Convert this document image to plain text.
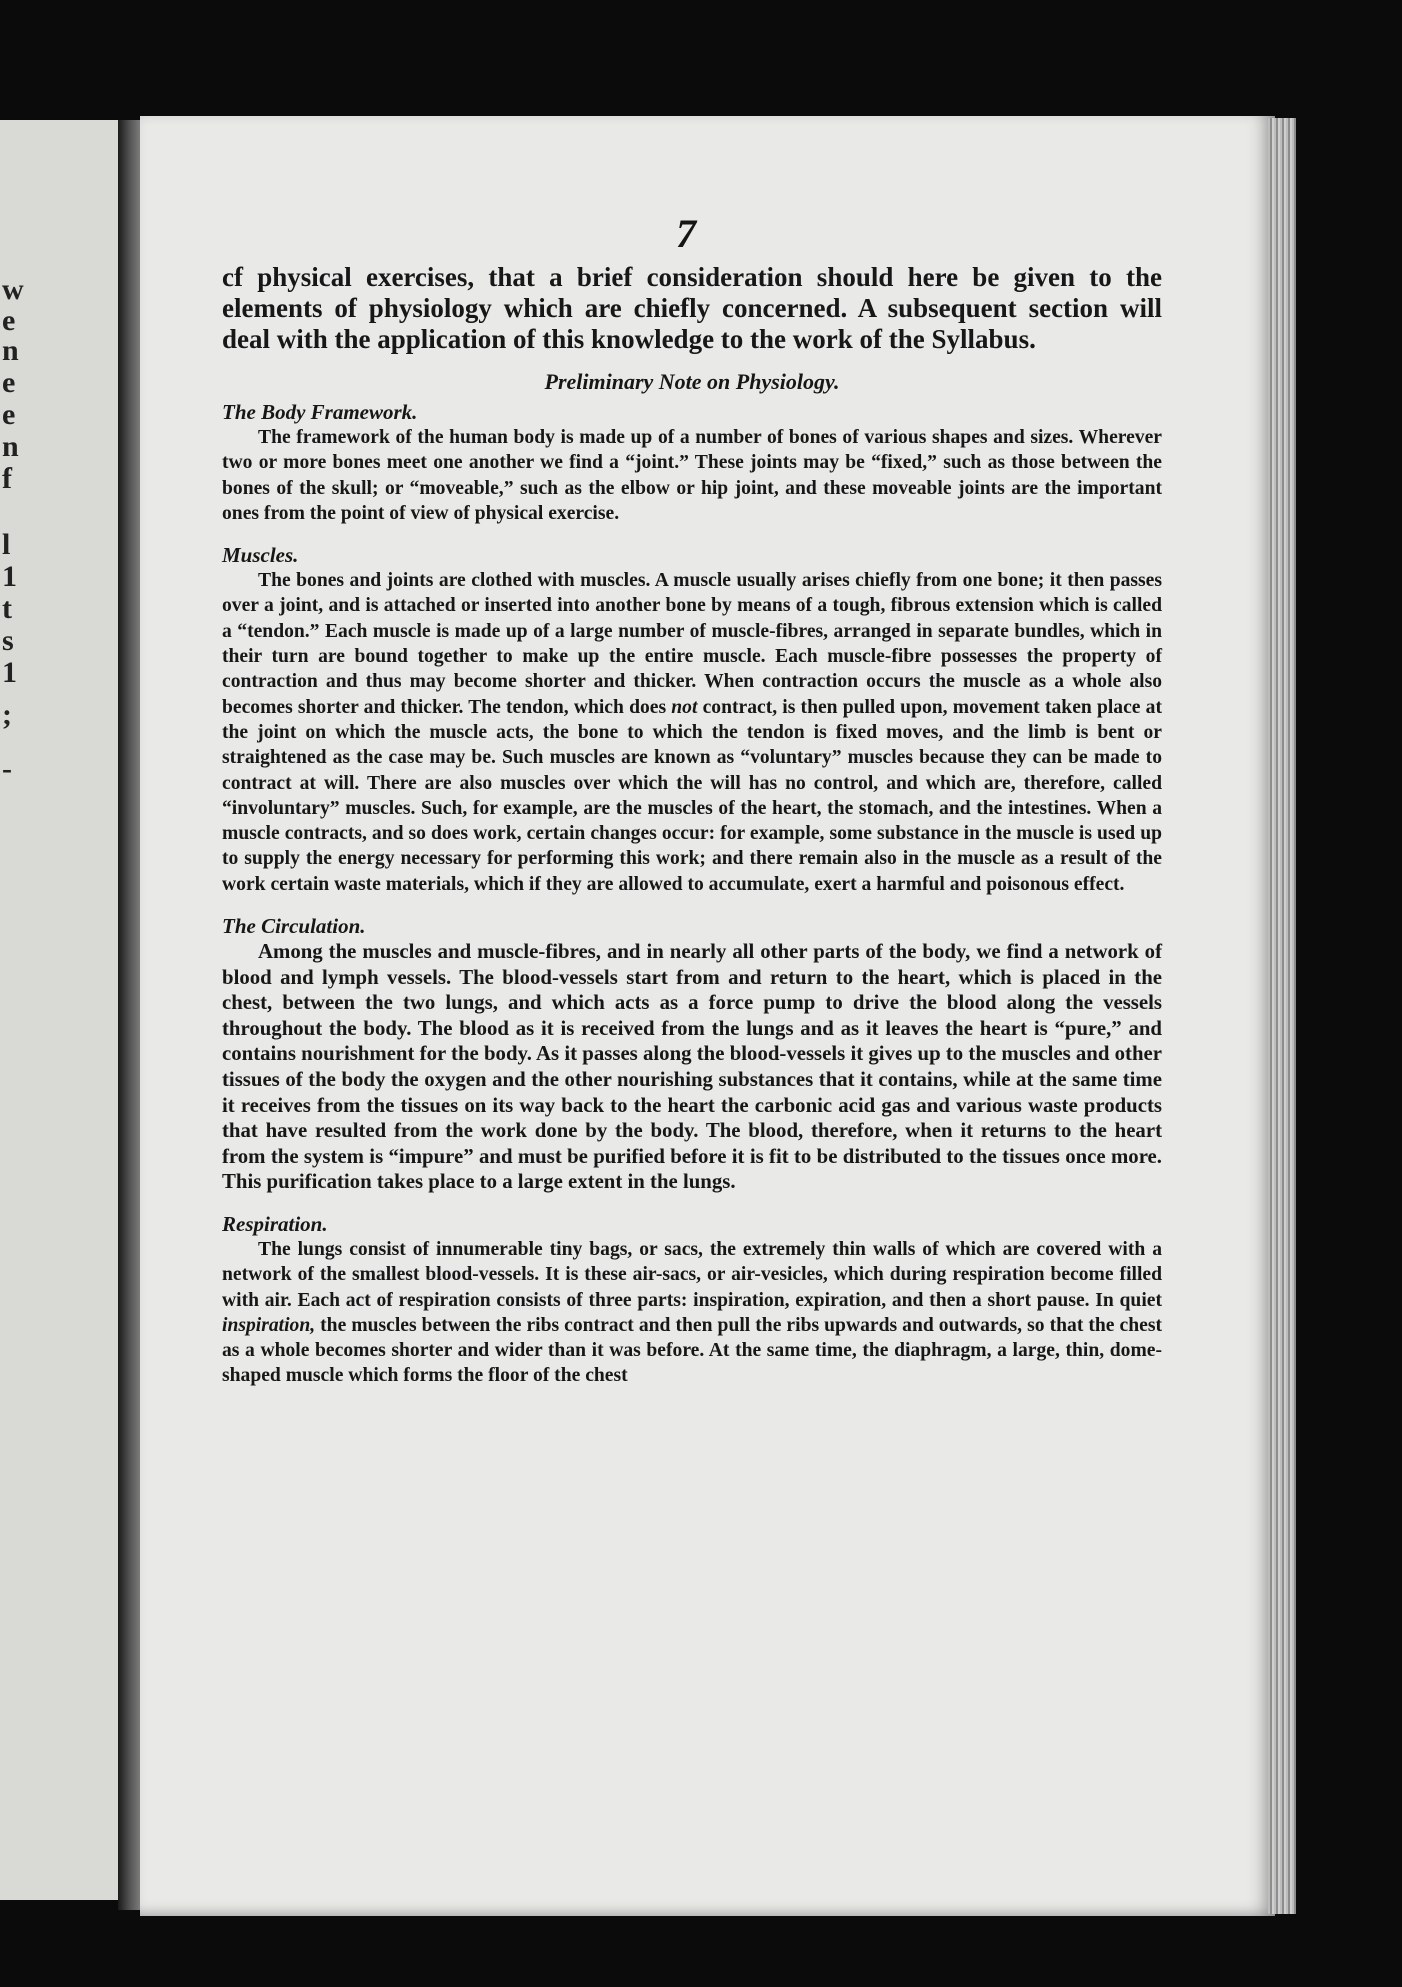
w
e
n
e
e
n
f
l
1
t
s
1
;
-
7

cf physical exercises, that a brief consideration should here be given to the elements of physiology which are chiefly concerned. A subsequent section will deal with the application of this knowledge to the work of the Syllabus.

Preliminary Note on Physiology.

The Body Framework.

The framework of the human body is made up of a number of bones of various shapes and sizes. Wherever two or more bones meet one another we find a “joint.” These joints may be “fixed,” such as those between the bones of the skull; or “moveable,” such as the elbow or hip joint, and these moveable joints are the important ones from the point of view of physical exercise.

Muscles.

The bones and joints are clothed with muscles. A muscle usually arises chiefly from one bone; it then passes over a joint, and is attached or inserted into another bone by means of a tough, fibrous extension which is called a “tendon.” Each muscle is made up of a large number of muscle-fibres, arranged in separate bundles, which in their turn are bound together to make up the entire muscle. Each muscle-fibre possesses the property of contraction and thus may become shorter and thicker. When contraction occurs the muscle as a whole also becomes shorter and thicker. The tendon, which does not contract, is then pulled upon, movement taken place at the joint on which the muscle acts, the bone to which the tendon is fixed moves, and the limb is bent or straightened as the case may be. Such muscles are known as “voluntary” muscles because they can be made to contract at will. There are also muscles over which the will has no control, and which are, therefore, called “involuntary” muscles. Such, for example, are the muscles of the heart, the stomach, and the intestines. When a muscle contracts, and so does work, certain changes occur: for example, some substance in the muscle is used up to supply the energy necessary for performing this work; and there remain also in the muscle as a result of the work certain waste materials, which if they are allowed to accumulate, exert a harmful and poisonous effect.

The Circulation.

Among the muscles and muscle-fibres, and in nearly all other parts of the body, we find a network of blood and lymph vessels. The blood-vessels start from and return to the heart, which is placed in the chest, between the two lungs, and which acts as a force pump to drive the blood along the vessels throughout the body. The blood as it is received from the lungs and as it leaves the heart is “pure,” and contains nourishment for the body. As it passes along the blood-vessels it gives up to the muscles and other tissues of the body the oxygen and the other nourishing substances that it contains, while at the same time it receives from the tissues on its way back to the heart the carbonic acid gas and various waste products that have resulted from the work done by the body. The blood, therefore, when it returns to the heart from the system is “impure” and must be purified before it is fit to be distributed to the tissues once more. This purification takes place to a large extent in the lungs.

Respiration.

The lungs consist of innumerable tiny bags, or sacs, the extremely thin walls of which are covered with a network of the smallest blood-vessels. It is these air-sacs, or air-vesicles, which during respiration become filled with air. Each act of respiration consists of three parts: inspiration, expiration, and then a short pause. In quiet inspiration, the muscles between the ribs contract and then pull the ribs upwards and outwards, so that the chest as a whole becomes shorter and wider than it was before. At the same time, the diaphragm, a large, thin, dome-shaped muscle which forms the floor of the chest
